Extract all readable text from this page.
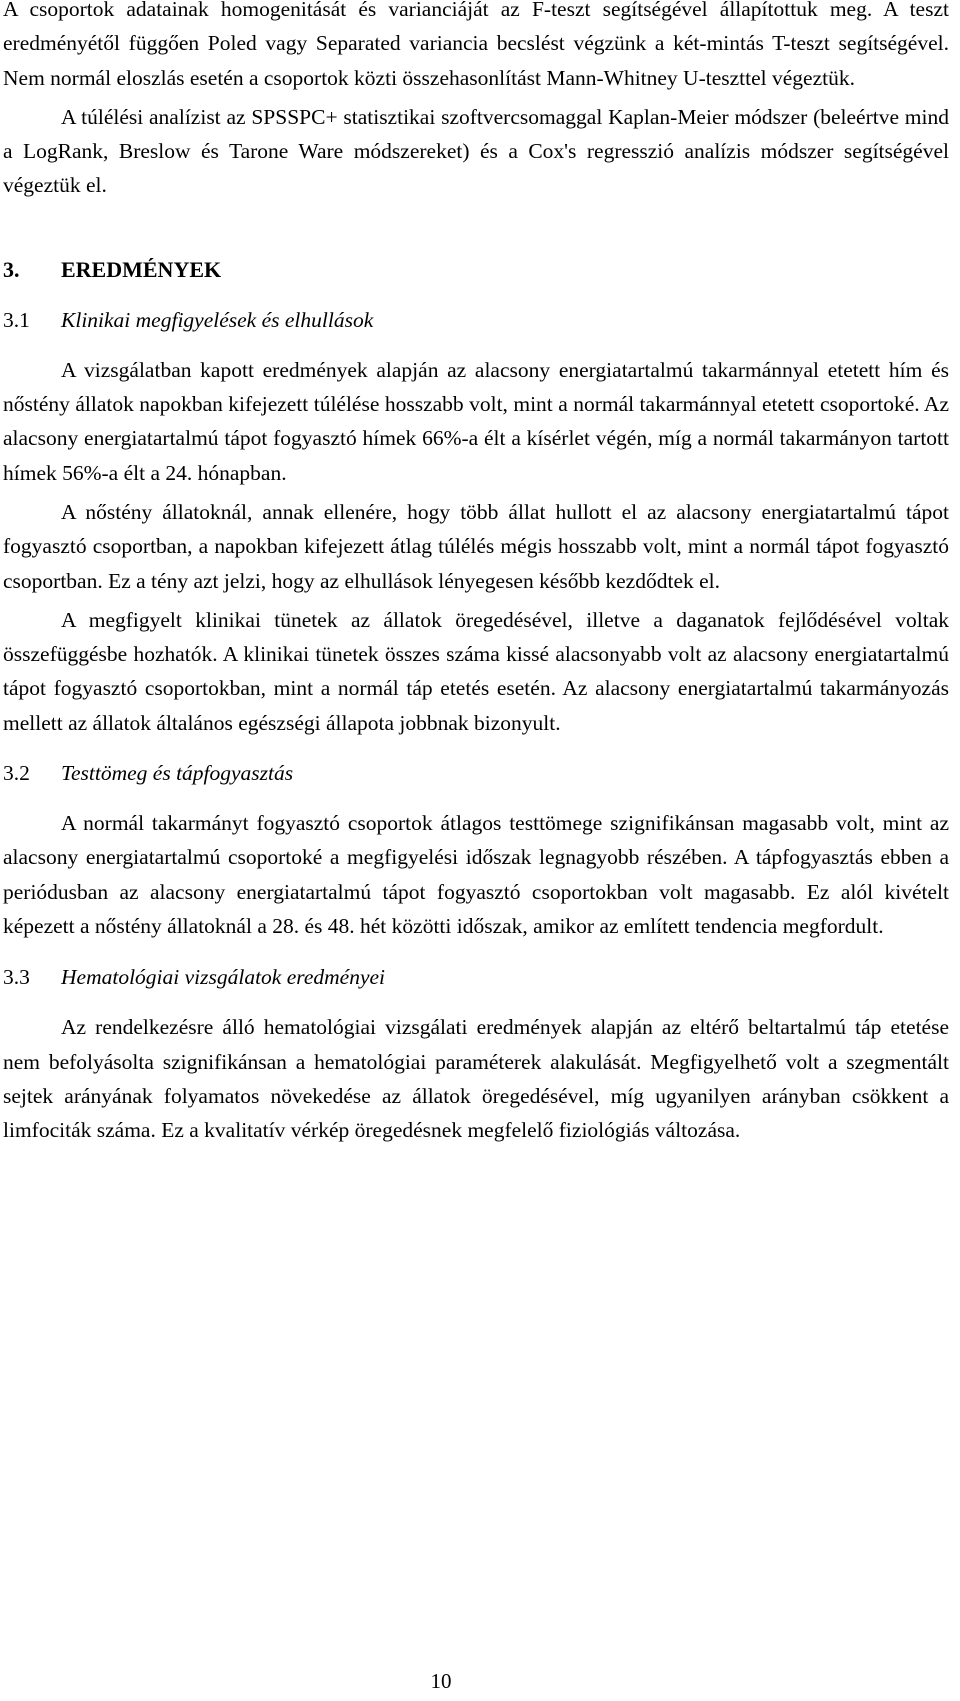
A csoportok adatainak homogenitását és varianciáját az F-teszt segítségével állapítottuk meg. A teszt eredményétől függően Poled vagy Separated variancia becslést végzünk a két-mintás T-teszt segítségével. Nem normál eloszlás esetén a csoportok közti összehasonlítást Mann-Whitney U-teszttel végeztük.

A túlélési analízist az SPSSPC+ statisztikai szoftvercsomaggal Kaplan-Meier módszer (beleértve mind a LogRank, Breslow és Tarone Ware módszereket) és a Cox's regresszió analízis módszer segítségével végeztük el.

3. EREDMÉNYEK
3.1 Klinikai megfigyelések és elhullások

A vizsgálatban kapott eredmények alapján az alacsony energiatartalmú takarmánnyal etetett hím és nőstény állatok napokban kifejezett túlélése hosszabb volt, mint a normál takarmánnyal etetett csoportoké. Az alacsony energiatartalmú tápot fogyasztó hímek 66%-a élt a kísérlet végén, míg a normál takarmányon tartott hímek 56%-a élt a 24. hónapban.

A nőstény állatoknál, annak ellenére, hogy több állat hullott el az alacsony energiatartalmú tápot fogyasztó csoportban, a napokban kifejezett átlag túlélés mégis hosszabb volt, mint a normál tápot fogyasztó csoportban. Ez a tény azt jelzi, hogy az elhullások lényegesen később kezdődtek el.

A megfigyelt klinikai tünetek az állatok öregedésével, illetve a daganatok fejlődésével voltak összefüggésbe hozhatók. A klinikai tünetek összes száma kissé alacsonyabb volt az alacsony energiatartalmú tápot fogyasztó csoportokban, mint a normál táp etetés esetén. Az alacsony energiatartalmú takarmányozás mellett az állatok általános egészségi állapota jobbnak bizonyult.

3.2 Testtömeg és tápfogyasztás

A normál takarmányt fogyasztó csoportok átlagos testtömege szignifikánsan magasabb volt, mint az alacsony energiatartalmú csoportoké a megfigyelési időszak legnagyobb részében. A tápfogyasztás ebben a periódusban az alacsony energiatartalmú tápot fogyasztó csoportokban volt magasabb. Ez alól kivételt képezett a nőstény állatoknál a 28. és 48. hét közötti időszak, amikor az említett tendencia megfordult.

3.3 Hematológiai vizsgálatok eredményei

Az rendelkezésre álló hematológiai vizsgálati eredmények alapján az eltérő beltartalmú táp etetése nem befolyásolta szignifikánsan a hematológiai paraméterek alakulását. Megfigyelhető volt a szegmentált sejtek arányának folyamatos növekedése az állatok öregedésével, míg ugyanilyen arányban csökkent a limfociták száma. Ez a kvalitatív vérkép öregedésnek megfelelő fiziológiás változása.

10
